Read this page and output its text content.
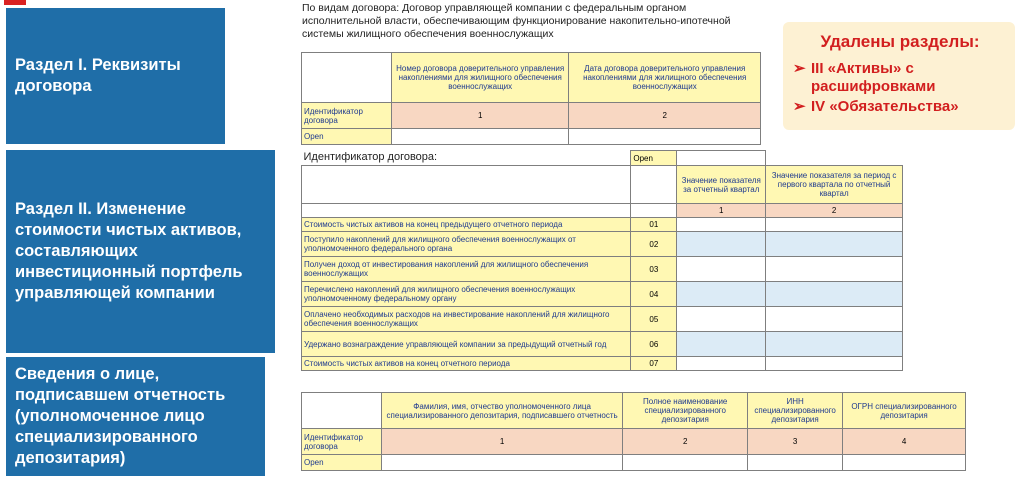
Раздел I. Реквизиты договора
Раздел II. Изменение стоимости чистых активов, составляющих инвестиционный портфель управляющей компании
Сведения о лице, подписавшем отчетность (уполномоченное лицо специализированного депозитария)
По видам договора: Договор управляющей компании с федеральным органом исполнительной власти, обеспечивающим функционирование накопительно-ипотечной системы жилищного обеспечения военнослужащих	Удалены разделы:
➢ III «Активы» с расшифровками
➢ IV «Обязательства»
	Номер договора доверительного управления накоплениями для жилищного обеспечения военнослужащих	Дата договора доверительного управления накоплениями для жилищного обеспечения военнослужащих
Идентификатор договора	1	2
Open		
Идентификатор договора:	Open		
		Значение показателя за отчетный квартал	Значение показателя за период с первого квартала по отчетный квартал
		1	2
Стоимость чистых активов на конец предыдущего отчетного периода	01		
Поступило накоплений для жилищного обеспечения военнослужащих от уполномоченного федерального органа	02		
Получен доход от инвестирования накоплений для жилищного обеспечения военнослужащих	03		
Перечислено накоплений для жилищного обеспечения военнослужащих уполномоченному федеральному органу	04		
Оплачено необходимых расходов на инвестирование накоплений для жилищного обеспечения военнослужащих	05		
Удержано вознаграждение управляющей компании за предыдущий отчетный год	06		
Стоимость чистых активов на конец отчетного периода	07		
	Фамилия, имя, отчество уполномоченного лица специализированного депозитария, подписавшего отчетность	Полное наименование специализированного депозитария	ИНН специализированного депозитария	ОГРН специализированного депозитария
Идентификатор договора	1	2	3	4
Open				
